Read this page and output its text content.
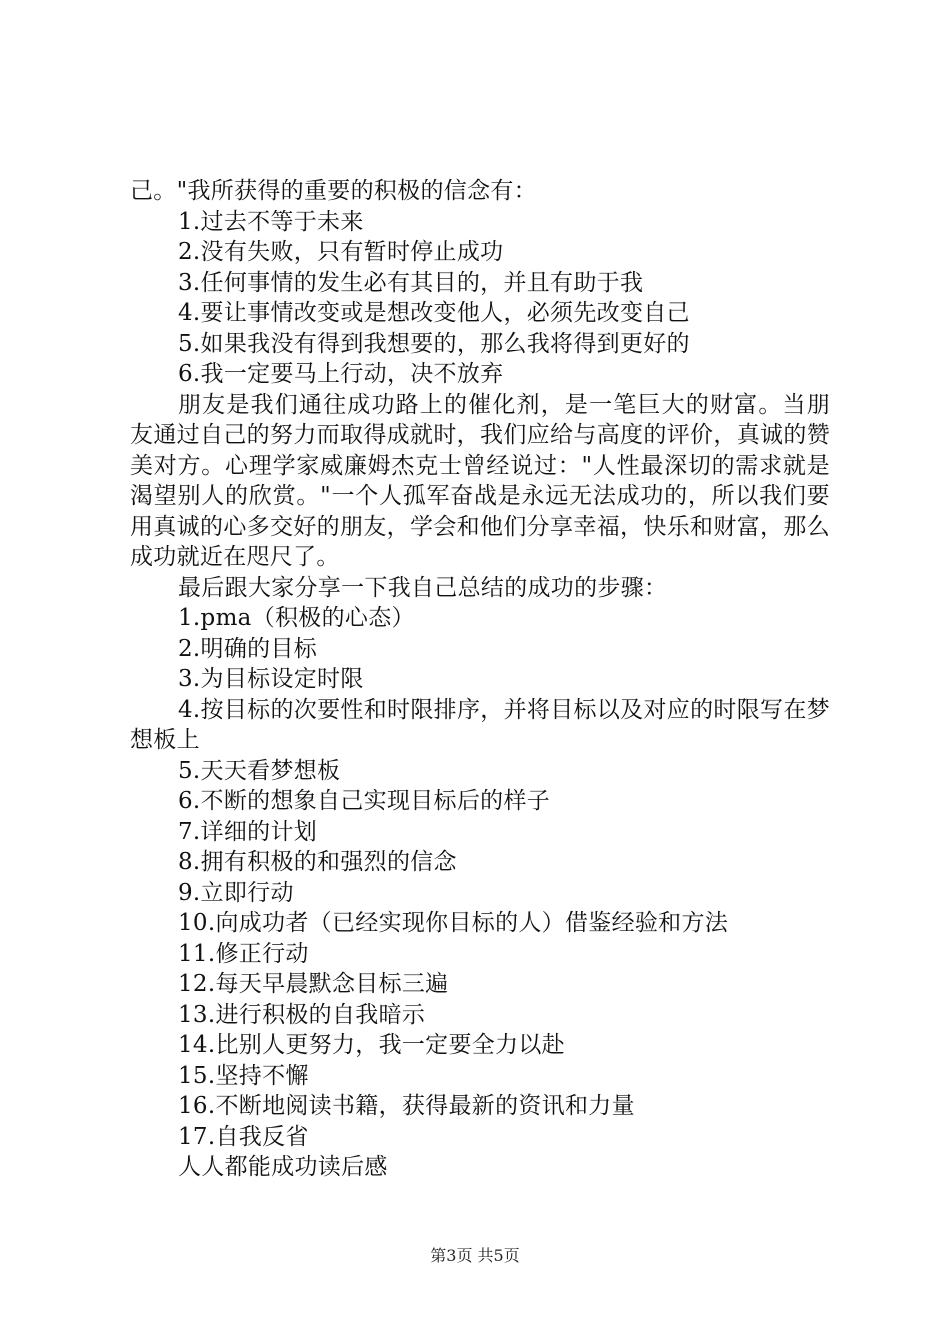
己。"我所获得的重要的积极的信念有：
1.过去不等于未来
2.没有失败，只有暂时停止成功
3.任何事情的发生必有其目的，并且有助于我
4.要让事情改变或是想改变他人，必须先改变自己
5.如果我没有得到我想要的，那么我将得到更好的
6.我一定要马上行动，决不放弃
朋友是我们通往成功路上的催化剂，是一笔巨大的财富。当朋友通过自己的努力而取得成就时，我们应给与高度的评价，真诚的赞美对方。心理学家威廉姆杰克士曾经说过："人性最深切的需求就是渴望别人的欣赏。"一个人孤军奋战是永远无法成功的，所以我们要用真诚的心多交好的朋友，学会和他们分享幸福，快乐和财富，那么成功就近在咫尺了。
最后跟大家分享一下我自己总结的成功的步骤：
1.pma（积极的心态）
2.明确的目标
3.为目标设定时限
4.按目标的次要性和时限排序，并将目标以及对应的时限写在梦想板上
5.天天看梦想板
6.不断的想象自己实现目标后的样子
7.详细的计划
8.拥有积极的和强烈的信念
9.立即行动
10.向成功者（已经实现你目标的人）借鉴经验和方法
11.修正行动
12.每天早晨默念目标三遍
13.进行积极的自我暗示
14.比别人更努力，我一定要全力以赴
15.坚持不懈
16.不断地阅读书籍，获得最新的资讯和力量
17.自我反省
人人都能成功读后感
第3页 共5页
